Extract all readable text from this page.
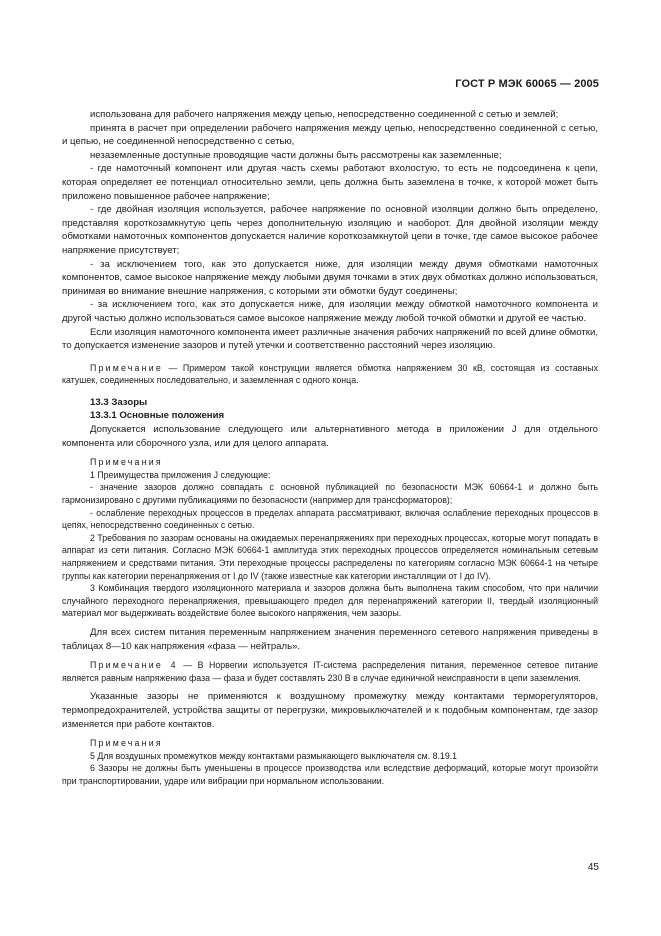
ГОСТ Р МЭК 60065 — 2005

использована для рабочего напряжения между цепью, непосредственно соединенной с сетью и землей;

принята в расчет при определении рабочего напряжения между цепью, непосредственно соединенной с сетью, и цепью, не соединенной непосредственно с сетью,

незаземленные доступные проводящие части должны быть рассмотрены как заземленные;

- где намоточный компонент или другая часть схемы работают вхолостую, то есть не подсоединена к цепи, которая определяет ее потенциал относительно земли, цепь должна быть заземлена в точке, к которой может быть приложено повышенное рабочее напряжение;

- где двойная изоляция используется, рабочее напряжение по основной изоляции должно быть определено, представляя короткозамкнутую цепь через дополнительную изоляцию и наоборот. Для двойной изоляции между обмотками намоточных компонентов допускается наличие короткозамкнутой цепи в точке, где самое высокое рабочее напряжение присутствует;

- за исключением того, как это допускается ниже, для изоляции между двумя обмотками намоточных компонентов, самое высокое напряжение между любыми двумя точками в этих двух обмотках должно использоваться, принимая во внимание внешние напряжения, с которыми эти обмотки будут соединены;

- за исключением того, как это допускается ниже, для изоляции между обмоткой намоточного компонента и другой частью должно использоваться самое высокое напряжение между любой точкой обмотки и другой ее частью.

Если изоляция намоточного компонента имеет различные значения рабочих напряжений по всей длине обмотки, то допускается изменение зазоров и путей утечки и соответственно расстояний через изоляцию.

Примечание — Примером такой конструкции является обмотка напряжением 30 кВ, состоящая из составных катушек, соединенных последовательно, и заземленная с одного конца.

13.3 Зазоры

13.3.1 Основные положения

Допускается использование следующего или альтернативного метода в приложении J для отдельного компонента или сборочного узла, или для целого аппарата.

Примечания

1 Преимущества приложения J следующие:

- значение зазоров должно совпадать с основной публикацией по безопасности МЭК 60664-1 и должно быть гармонизировано с другими публикациями по безопасности (например для трансформаторов);

- ослабление переходных процессов в пределах аппарата рассматривают, включая ослабление переходных процессов в цепях, непосредственно соединенных с сетью.

2 Требования по зазорам основаны на ожидаемых перенапряжениях при переходных процессах, которые могут попадать в аппарат из сети питания. Согласно МЭК 60664-1 амплитуда этих переходных процессов определяется номинальным сетевым напряжением и средствами питания. Эти переходные процессы распределены по категориям согласно МЭК 60664-1 на четыре группы как категории перенапряжения от I до IV (также известные как категории инсталляции от I до IV).

3 Комбинация твердого изоляционного материала и зазоров должна быть выполнена таким способом, что при наличии случайного переходного перенапряжения, превышающего предел для перенапряжений категории II, твердый изоляционный материал мог выдерживать воздействие более высокого напряжения, чем зазоры.

Для всех систем питания переменным напряжением значения переменного сетевого напряжения приведены в таблицах 8—10 как напряжения «фаза — нейтраль».

Примечание 4 — В Норвегии используется IT-система распределения питания, переменное сетевое питание является равным напряжению фаза — фаза и будет составлять 230 В в случае единичной неисправности в цепи заземления.

Указанные зазоры не применяются к воздушному промежутку между контактами терморегуляторов, термопредохранителей, устройства защиты от перегрузки, микровыключателей и к подобным компонентам, где зазор изменяется при работе контактов.

Примечания

5 Для воздушных промежутков между контактами размыкающего выключателя см. 8.19.1

6 Зазоры не должны быть уменьшены в процессе производства или вследствие деформаций, которые могут произойти при транспортировании, ударе или вибрации при нормальном использовании.

45
